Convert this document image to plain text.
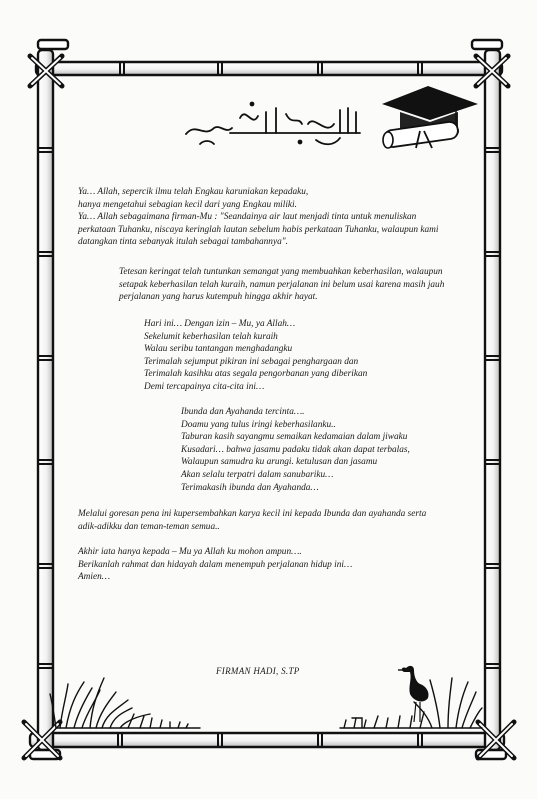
Ya… Allah, sepercik ilmu telah Engkau karuniakan kepadaku,
hanya mengetahui sebagian kecil dari yang Engkau miliki.
Ya… Allah sebagaimana firman-Mu : "Seandainya air laut menjadi tinta untuk menuliskan
perkataan Tuhanku, niscaya keringlah lautan sebelum habis perkataan Tuhanku, walaupun kami
datangkan tinta sebanyak itulah sebagai tambahannya".
Tetesan keringat telah tuntunkan semangat yang membuahkan keberhasilan, walaupun
setapak keberhasilan telah kuraih, namun perjalanan ini belum usai karena masih jauh
perjalanan yang harus kutempuh hingga akhir hayat.
Hari ini… Dengan izin – Mu, ya Allah…
Sekelumit keberhasilan telah kuraih
Walau seribu tantangan menghadangku
Terimalah sejumput pikiran ini sebagai penghargaan dan
Terimalah kasihku atas segala pengorbanan yang diberikan
Demi tercapainya cita-cita ini…
Ibunda dan Ayahanda tercinta….
Doamu yang tulus iringi keberhasilanku..
Taburan kasih sayangmu semaikan kedamaian dalam jiwaku
Kusadari… bahwa jasamu padaku tidak akan dapat terbalas,
Walaupun samudra ku arungi. ketulusan dan jasamu
Akan selalu terpatri dalam sanubariku…
Terimakasih ibunda dan Ayahanda…
Melalui goresan pena ini kupersembahkan karya kecil ini kepada Ibunda dan ayahanda serta
adik-adikku dan teman-teman semua..
Akhir iata hanya kepada – Mu ya Allah ku mohon ampun….
Berikanlah rahmat dan hidayah dalam menempuh perjalanan hidup ini…
Amien…
FIRMAN HADI, S.TP
